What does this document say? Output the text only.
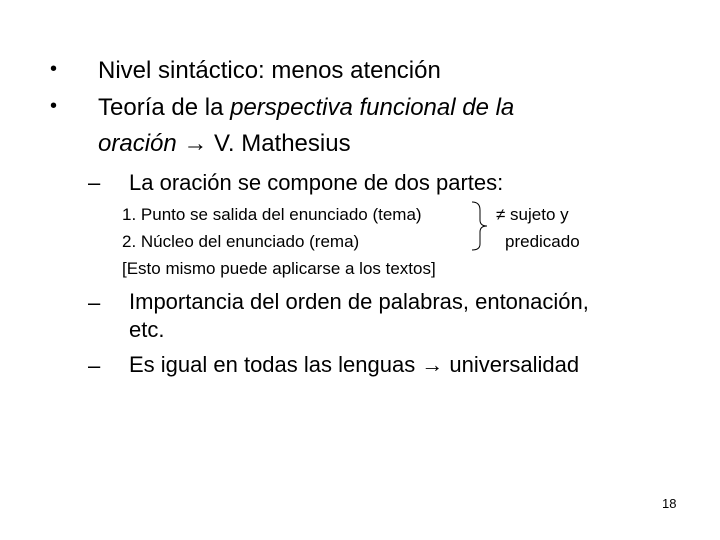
• Nivel sintáctico: menos atención
• Teoría de la perspectiva funcional de la
oración → V. Mathesius
– La oración se compone de dos partes:
1. Punto se salida del enunciado (tema)
2. Núcleo del enunciado (rema)
[Esto mismo puede aplicarse a los textos]
≠ sujeto y
predicado
– Importancia del orden de palabras, entonación,
etc.
– Es igual en todas las lenguas → universalidad
18
